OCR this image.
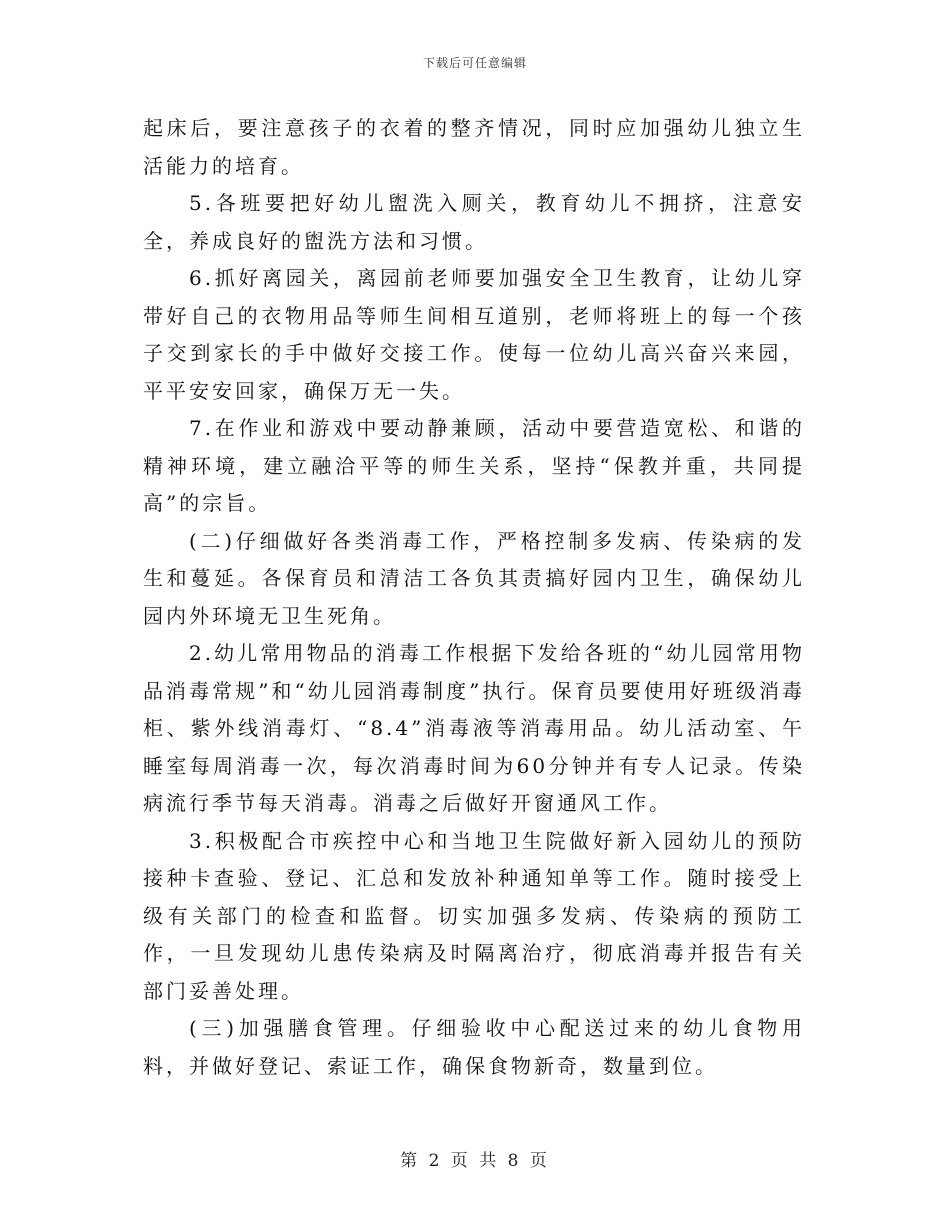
下载后可任意编辑

起床后，要注意孩子的衣着的整齐情况，同时应加强幼儿独立生活能力的培育。

5.各班要把好幼儿盥洗入厕关，教育幼儿不拥挤，注意安全，养成良好的盥洗方法和习惯。

6.抓好离园关，离园前老师要加强安全卫生教育，让幼儿穿带好自己的衣物用品等师生间相互道别，老师将班上的每一个孩子交到家长的手中做好交接工作。使每一位幼儿高兴奋兴来园，平平安安回家，确保万无一失。

7.在作业和游戏中要动静兼顾，活动中要营造宽松、和谐的精神环境，建立融洽平等的师生关系，坚持“保教并重，共同提高”的宗旨。

(二)仔细做好各类消毒工作，严格控制多发病、传染病的发生和蔓延。各保育员和清洁工各负其责搞好园内卫生，确保幼儿园内外环境无卫生死角。

2.幼儿常用物品的消毒工作根据下发给各班的“幼儿园常用物品消毒常规”和“幼儿园消毒制度”执行。保育员要使用好班级消毒柜、紫外线消毒灯、“8.4”消毒液等消毒用品。幼儿活动室、午睡室每周消毒一次，每次消毒时间为60分钟并有专人记录。传染病流行季节每天消毒。消毒之后做好开窗通风工作。

3.积极配合市疾控中心和当地卫生院做好新入园幼儿的预防接种卡查验、登记、汇总和发放补种通知单等工作。随时接受上级有关部门的检查和监督。切实加强多发病、传染病的预防工作，一旦发现幼儿患传染病及时隔离治疗，彻底消毒并报告有关部门妥善处理。

(三)加强膳食管理。仔细验收中心配送过来的幼儿食物用料，并做好登记、索证工作，确保食物新奇，数量到位。

第 2 页 共 8 页
